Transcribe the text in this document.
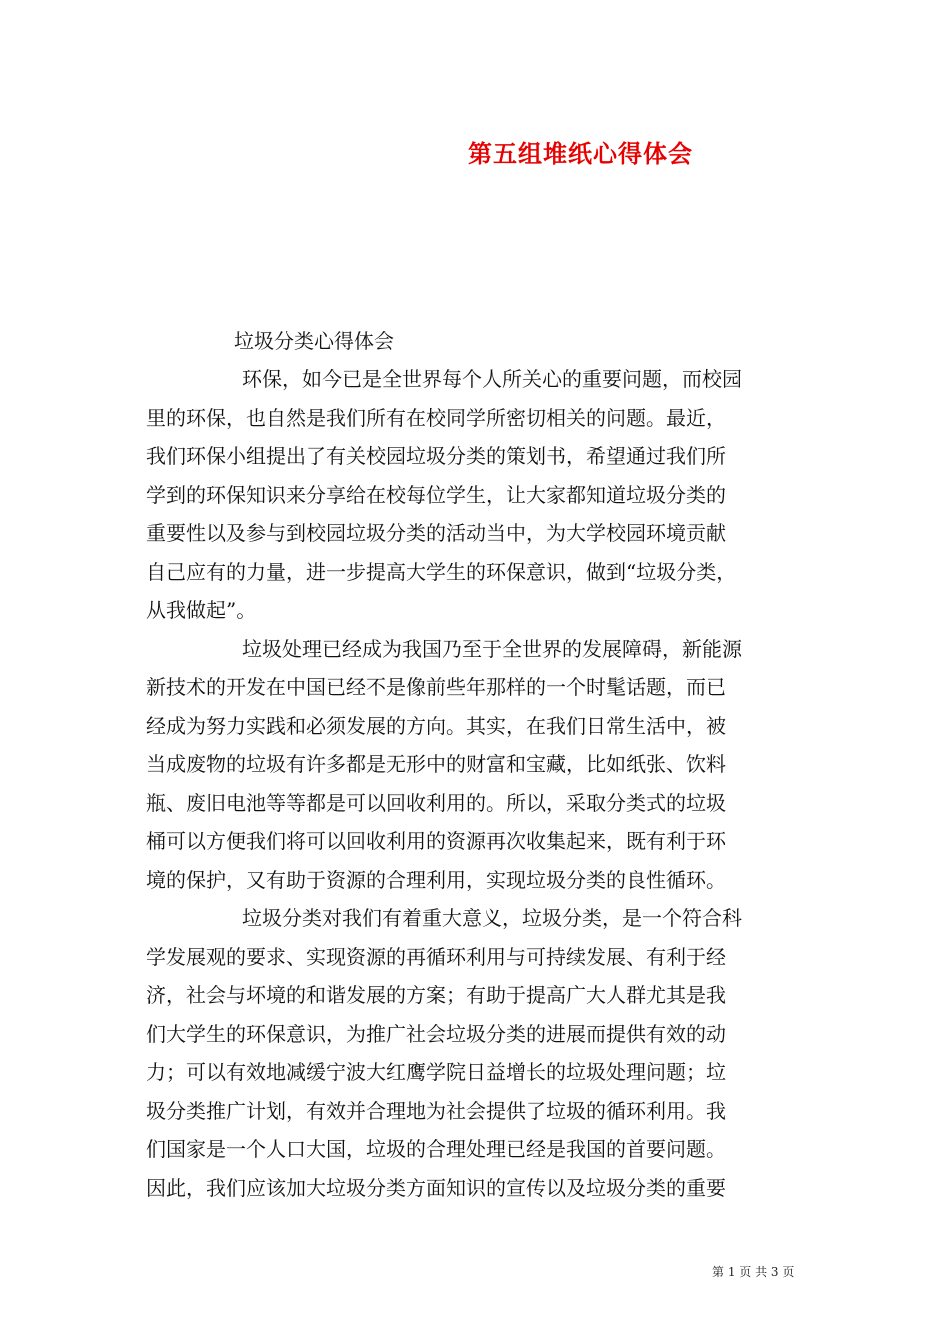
第五组堆纸心得体会
垃圾分类心得体会
环保，如今已是全世界每个人所关心的重要问题，而校园
里的环保，也自然是我们所有在校同学所密切相关的问题。最近，
我们环保小组提出了有关校园垃圾分类的策划书，希望通过我们所
学到的环保知识来分享给在校每位学生，让大家都知道垃圾分类的
重要性以及参与到校园垃圾分类的活动当中，为大学校园环境贡献
自己应有的力量，进一步提高大学生的环保意识，做到“垃圾分类，
从我做起”。
垃圾处理已经成为我国乃至于全世界的发展障碍，新能源
新技术的开发在中国已经不是像前些年那样的一个时髦话题，而已
经成为努力实践和必须发展的方向。其实，在我们日常生活中，被
当成废物的垃圾有许多都是无形中的财富和宝藏，比如纸张、饮料
瓶、废旧电池等等都是可以回收利用的。所以，采取分类式的垃圾
桶可以方便我们将可以回收利用的资源再次收集起来，既有利于环
境的保护，又有助于资源的合理利用，实现垃圾分类的良性循环。
垃圾分类对我们有着重大意义，垃圾分类，是一个符合科
学发展观的要求、实现资源的再循环利用与可持续发展、有利于经
济，社会与坏境的和谐发展的方案；有助于提高广大人群尤其是我
们大学生的环保意识，为推广社会垃圾分类的进展而提供有效的动
力；可以有效地减缓宁波大红鹰学院日益增长的垃圾处理问题；垃
圾分类推广计划，有效并合理地为社会提供了垃圾的循环利用。我
们国家是一个人口大国，垃圾的合理处理已经是我国的首要问题。
因此，我们应该加大垃圾分类方面知识的宣传以及垃圾分类的重要
第 1 页 共 3 页
